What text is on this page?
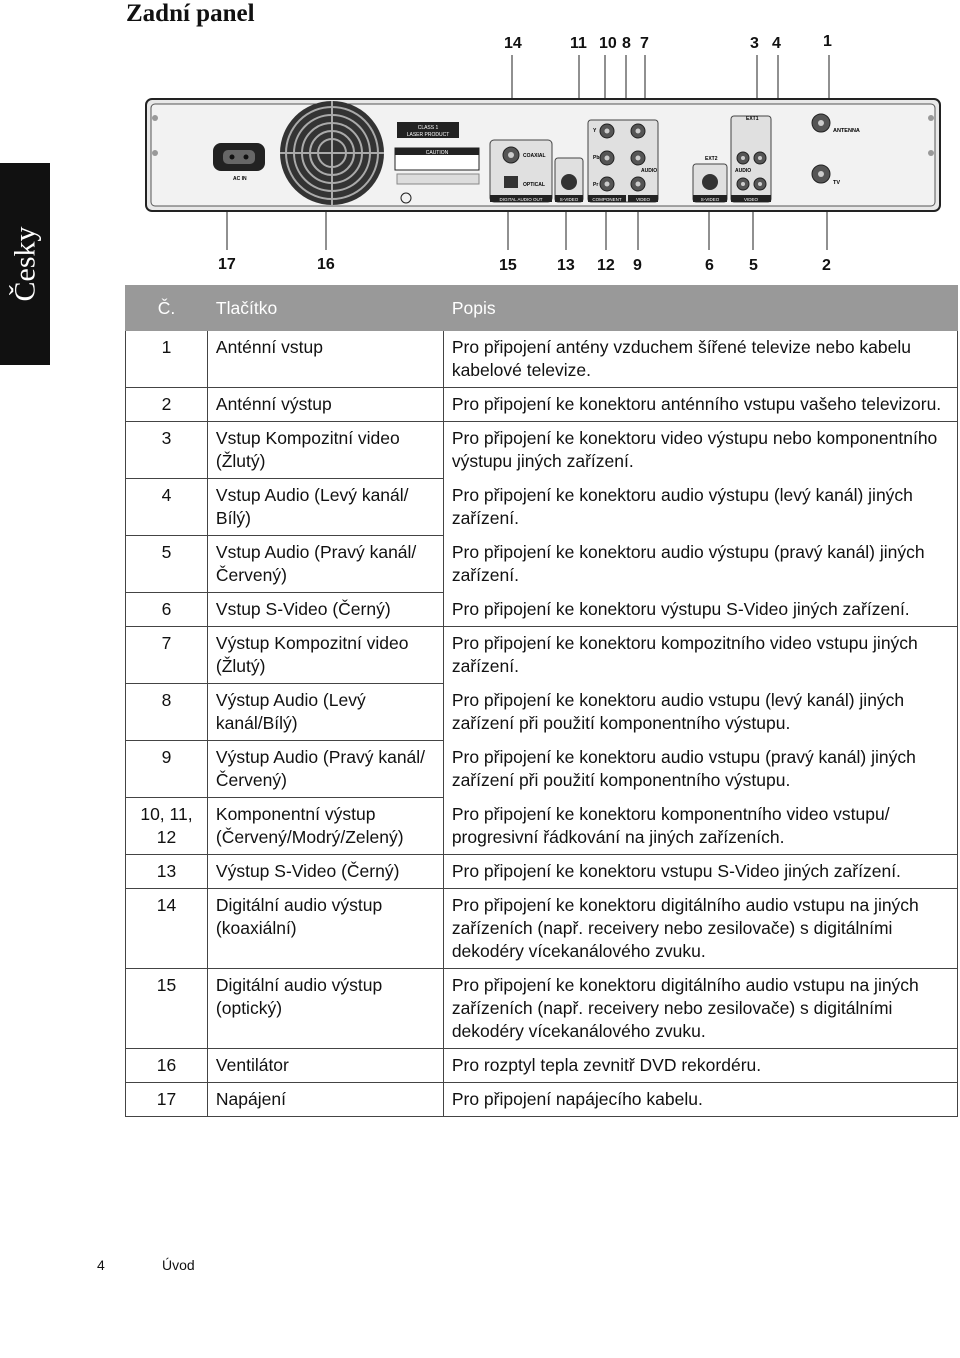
Zadní panel
Česky
14	11 10 8 7	3 4	1
AC IN
CLASS 1
LASER PRODUCT
CAUTION	COAXIAL
OPTICAL
DIGITAL AUDIO OUT	S-VIDEO
Y
Pb
Pr
AUDIO
COMPONENT	VIDEO
EXT2
S-VIDEO
EXT1
AUDIO
VIDEO
ANTENNA
TV
17	16	15	13 12 9	6 5	2
Č.	Tlačítko	Popis
1	Anténní vstup	Pro připojení antény vzduchem šířené televize nebo kabelu kabelové televize.
2	Anténní výstup	Pro připojení ke konektoru anténního vstupu vašeho televizoru.
3	Vstup Kompozitní video (Žlutý)	Pro připojení ke konektoru video výstupu nebo komponentního výstupu jiných zařízení.
4	Vstup Audio (Levý kanál/ Bílý)	Pro připojení ke konektoru audio výstupu (levý kanál) jiných zařízení.
5	Vstup Audio (Pravý kanál/Červený)	Pro připojení ke konektoru audio výstupu (pravý kanál) jiných zařízení.
6	Vstup S-Video (Černý)	Pro připojení ke konektoru výstupu S-Video jiných zařízení.
7	Výstup Kompozitní video (Žlutý)	Pro připojení ke konektoru kompozitního video vstupu jiných zařízení.
8	Výstup Audio (Levý kanál/Bílý)	Pro připojení ke konektoru audio vstupu (levý kanál) jiných zařízení při použití komponentního výstupu.
9	Výstup Audio (Pravý kanál/Červený)	Pro připojení ke konektoru audio vstupu (pravý kanál) jiných zařízení při použití komponentního výstupu.
10, 11, 12	Komponentní výstup (Červený/Modrý/Zelený)	Pro připojení ke konektoru komponentního video vstupu/ progresivní řádkování na jiných zařízeních.
13	Výstup S-Video (Černý)	Pro připojení ke konektoru vstupu S-Video jiných zařízení.
14	Digitální audio výstup (koaxiální)	Pro připojení ke konektoru digitálního audio vstupu na jiných zařízeních (např. receivery nebo zesilovače) s digitálními dekodéry vícekanálového zvuku.
15	Digitální audio výstup (optický)	Pro připojení ke konektoru digitálního audio vstupu na jiných zařízeních (např. receivery nebo zesilovače) s digitálními dekodéry vícekanálového zvuku.
16	Ventilátor	Pro rozptyl tepla zevnitř DVD rekordéru.
17	Napájení	Pro připojení napájecího kabelu.
4	Úvod
